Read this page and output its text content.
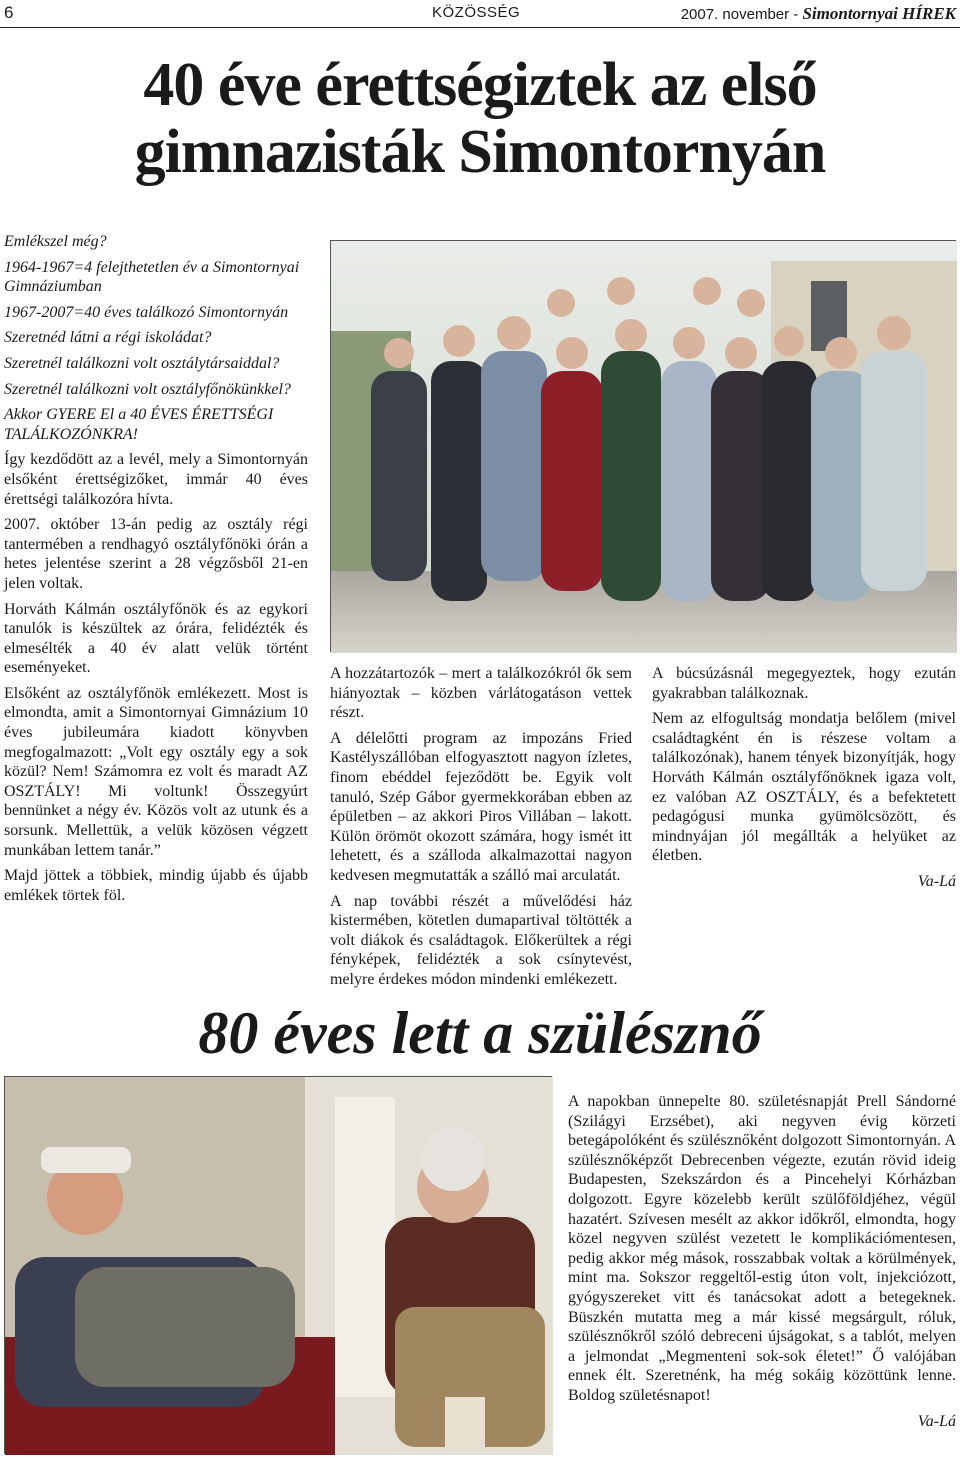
6	KÖZÖSSÉG	2007. november - Simontornyai HÍREK
40 éve érettségiztek az első
gimnazisták Simontornyán

Emlékszel még?

1964-1967=4 felejthetetlen év a Simontornyai Gimnáziumban

1967-2007=40 éves találkozó Simontornyán

Szeretnéd látni a régi iskoládat?

Szeretnél találkozni volt osztálytársaiddal?

Szeretnél találkozni volt osztályfőnökünkkel?

Akkor GYERE El a 40 ÉVES ÉRETTSÉGI TALÁLKOZÓNKRA!

Így kezdődött az a levél, mely a Simontornyán elsőként érettségizőket, immár 40 éves érettségi találkozóra hívta.

2007. október 13-án pedig az osztály régi tantermében a rendhagyó osztályfőnöki órán a hetes jelentése szerint a 28 végzősből 21-en jelen voltak.

Horváth Kálmán osztályfőnök és az egykori tanulók is készültek az órára, felidézték és elmesélték a 40 év alatt velük történt eseményeket.

Elsőként az osztályfőnök emlékezett. Most is elmondta, amit a Simontornyai Gimnázium 10 éves jubileumára kiadott könyvben megfogalmazott: „Volt egy osztály egy a sok közül? Nem! Számomra ez volt és maradt AZ OSZTÁLY! Mi voltunk! Összegyúrt bennünket a négy év. Közös volt az utunk és a sorsunk. Mellettük, a velük közösen végzett munkában lettem tanár.”

Majd jöttek a többiek, mindig újabb és újabb emlékek törtek föl.

A hozzátartozók – mert a találkozókról ők sem hiányoztak – közben várlátogatáson vettek részt.

A délelőtti program az impozáns Fried Kastélyszállóban elfogyasztott nagyon ízletes, finom ebéddel fejeződött be. Egyik volt tanuló, Szép Gábor gyermekkorában ebben az épületben – az akkori Piros Villában – lakott. Külön örömöt okozott számára, hogy ismét itt lehetett, és a szálloda alkalmazottai nagyon kedvesen megmutatták a szálló mai arculatát.

A nap további részét a művelődési ház kistermében, kötetlen dumapartival töltötték a volt diákok és családtagok. Előkerültek a régi fényképek, felidézték a sok csínytevést, melyre érdekes módon mindenki emlékezett.

A búcsúzásnál megegyeztek, hogy ezután gyakrabban találkoznak.

Nem az elfogultság mondatja belőlem (mivel családtagként én is részese voltam a találkozónak), hanem tények bizonyítják, hogy Horváth Kálmán osztályfőnöknek igaza volt, ez valóban AZ OSZTÁLY, és a befektetett pedagógusi munka gyümölcsözött, és mindnyájan jól megállták a helyüket az életben.

Va-Lá

80 éves lett a szülésznő

A napokban ünnepelte 80. születésnapját Prell Sándorné (Szilágyi Erzsébet), aki negyven évig körzeti betegápolóként és szülésznőként dolgozott Simontornyán. A szülésznőképzőt Debrecenben végezte, ezután rövid ideig Budapesten, Szekszárdon és a Pincehelyi Kórházban dolgozott. Egyre közelebb került szülőföldjéhez, végül hazatért. Szívesen mesélt az akkor időkről, elmondta, hogy közel negyven szülést vezetett le komplikációmentesen, pedig akkor még mások, rosszabbak voltak a körülmények, mint ma. Sokszor reggeltől-estig úton volt, injekciózott, gyógyszereket vitt és tanácsokat adott a betegeknek. Büszkén mutatta meg a már kissé megsárgult, róluk, szülésznőkről szóló debreceni újságokat, s a tablót, melyen a jelmondat „Megmenteni sok-sok életet!” Ő valójában ennek élt. Szeretnénk, ha még sokáig közöttünk lenne. Boldog születésnapot!

Va-Lá
